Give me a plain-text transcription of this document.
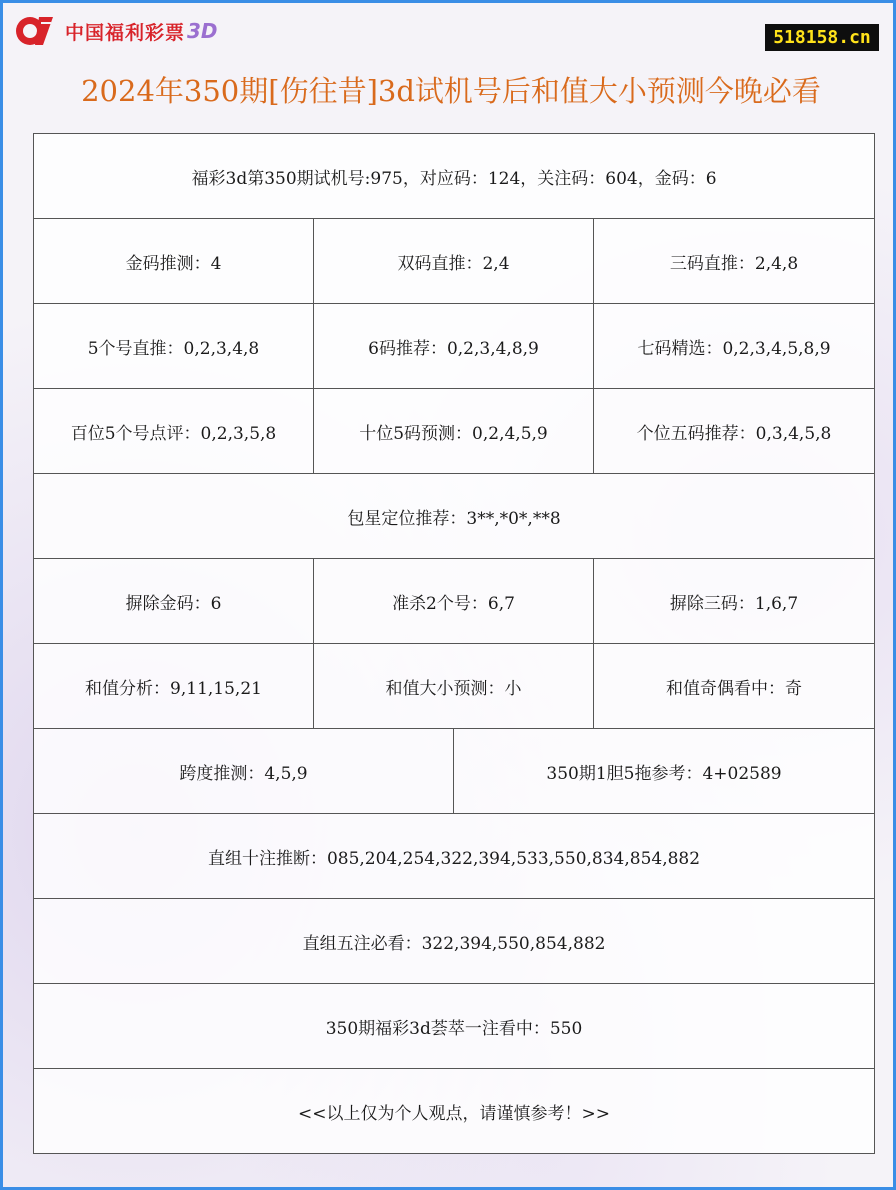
中国福利彩票 3D	518158.cn
2024年350期[伤往昔]3d试机号后和值大小预测今晚必看
福彩3d第350期试机号:975，对应码：124，关注码：604，金码：6			
金码推测：4	双码直推：2,4		三码直推：2,4,8
5个号直推：0,2,3,4,8	6码推荐：0,2,3,4,8,9		七码精选：0,2,3,4,5,8,9
百位5个号点评：0,2,3,5,8	十位5码预测：0,2,4,5,9		个位五码推荐：0,3,4,5,8
包星定位推荐：3**,*0*,**8			
摒除金码：6	准杀2个号：6,7		摒除三码：1,6,7
和值分析：9,11,15,21	和值大小预测：小		和值奇偶看中：奇
跨度推测：4,5,9		350期1胆5拖参考：4+02589	
直组十注推断：085,204,254,322,394,533,550,834,854,882			
直组五注必看：322,394,550,854,882			
350期福彩3d荟萃一注看中：550			
<<以上仅为个人观点，请谨慎参考！>>			
